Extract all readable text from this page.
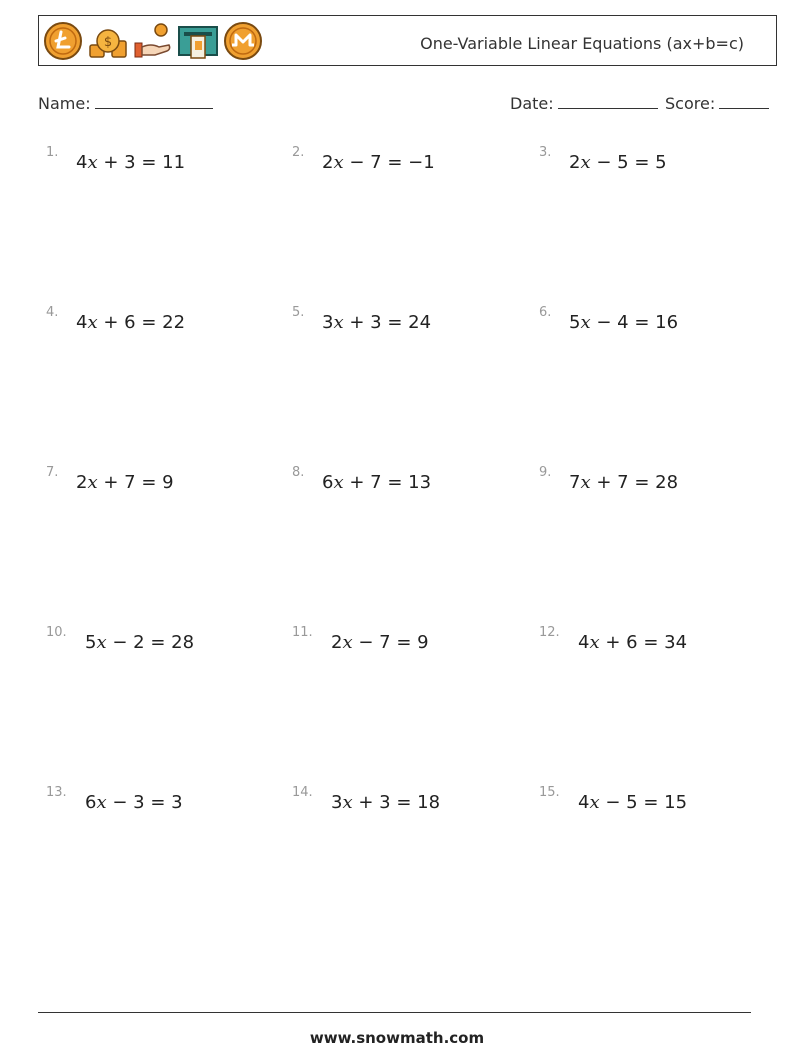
$	One-Variable Linear Equations (ax+b=c)
Name:	Date:	Score:
1. 4x + 3 = 11	2. 2x − 7 = −1	3. 2x − 5 = 5
4. 4x + 6 = 22	5. 3x + 3 = 24	6. 5x − 4 = 16
7. 2x + 7 = 9	8. 6x + 7 = 13	9. 7x + 7 = 28
10. 5x − 2 = 28	11. 2x − 7 = 9	12. 4x + 6 = 34
13. 6x − 3 = 3	14. 3x + 3 = 18	15. 4x − 5 = 15
www.snowmath.com
